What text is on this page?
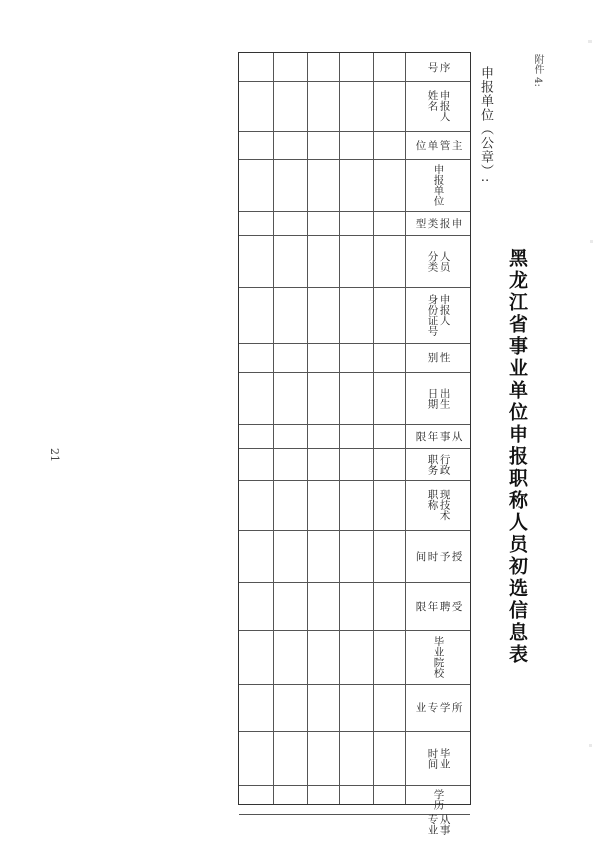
附件 4:
黑龙江省事业单位申报职称人员初选信息表
申报单位（公章）:
21
序
号
申报人
姓名
主
管
单
位
申报单位
申
报
类
型
人员
分类
申报人
身份证号
性
别
出生
日期
从
事
年
限
行政
职务
现技术
职称
授
予
时
间
受
聘
年
限
毕业院校
所
学
专
业
毕业
时间
学历
从事
专业
